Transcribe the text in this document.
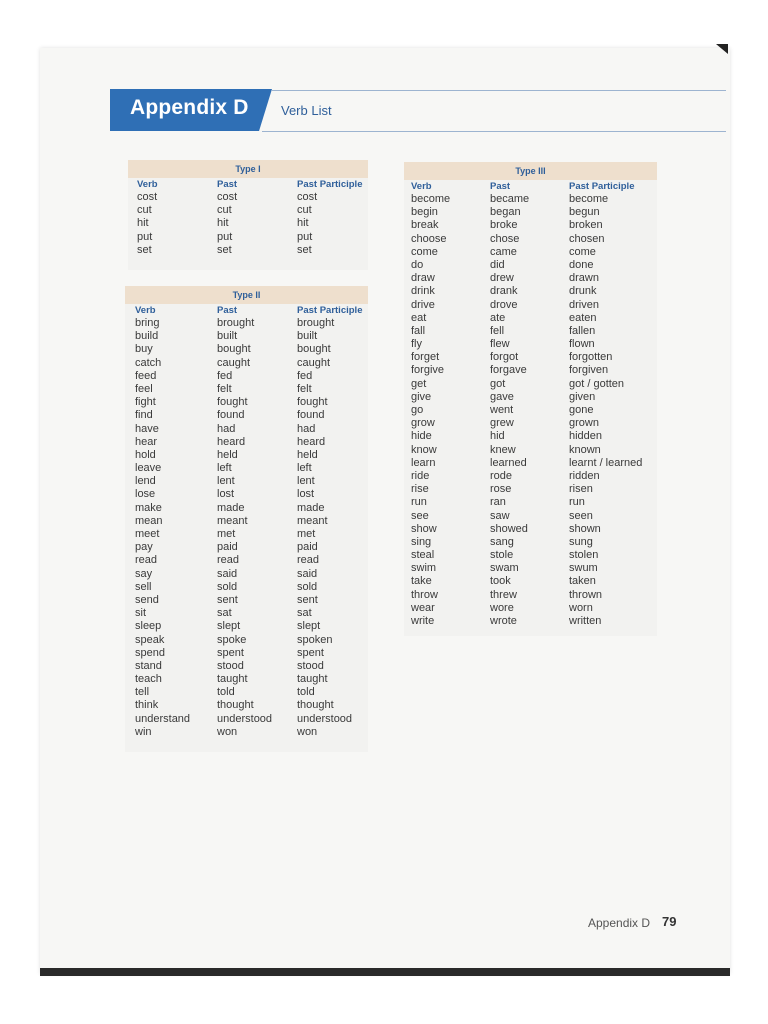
Appendix D Verb List
Type I
Verb
cost
cut
hit
put
set
Past
cost
cut
hit
put
set
Past Participle
cost
cut
hit
put
set
Type II
Verb
bring
build
buy
catch
feed
feel
fight
find
have
hear
hold
leave
lend
lose
make
mean
meet
pay
read
say
sell
send
sit
sleep
speak
spend
stand
teach
tell
think
understand
win
Past
brought
built
bought
caught
fed
felt
fought
found
had
heard
held
left
lent
lost
made
meant
met
paid
read
said
sold
sent
sat
slept
spoke
spent
stood
taught
told
thought
understood
won
Past Participle
brought
built
bought
caught
fed
felt
fought
found
had
heard
held
left
lent
lost
made
meant
met
paid
read
said
sold
sent
sat
slept
spoken
spent
stood
taught
told
thought
understood
won
Type III
Verb
become
begin
break
choose
come
do
draw
drink
drive
eat
fall
fly
forget
forgive
get
give
go
grow
hide
know
learn
ride
rise
run
see
show
sing
steal
swim
take
throw
wear
write
Past
became
began
broke
chose
came
did
drew
drank
drove
ate
fell
flew
forgot
forgave
got
gave
went
grew
hid
knew
learned
rode
rose
ran
saw
showed
sang
stole
swam
took
threw
wore
wrote
Past Participle
become
begun
broken
chosen
come
done
drawn
drunk
driven
eaten
fallen
flown
forgotten
forgiven
got / gotten
given
gone
grown
hidden
known
learnt / learned
ridden
risen
run
seen
shown
sung
stolen
swum
taken
thrown
worn
written
Appendix D 79
